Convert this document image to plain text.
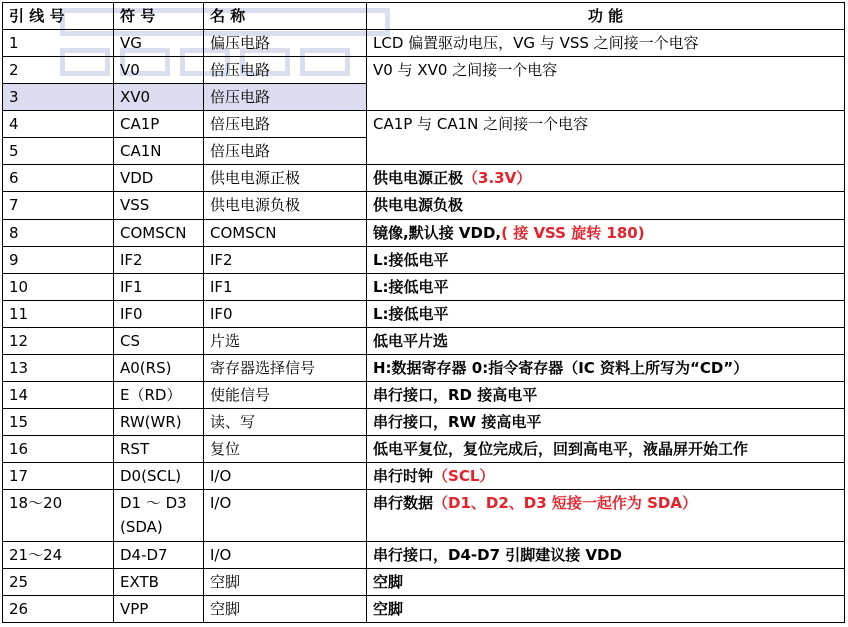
引 线 号	符 号	名 称	功 能
1	VG	偏压电路	LCD 偏置驱动电压，VG 与 VSS 之间接一个电容
2	V0	倍压电路	V0 与 XV0 之间接一个电容
3	XV0	倍压电路	
4	CA1P	倍压电路	CA1P 与 CA1N 之间接一个电容
5	CA1N	倍压电路	
6	VDD	供电电源正极	供电电源正极（3.3V）
7	VSS	供电电源负极	供电电源负极
8	COMSCN	COMSCN	镜像,默认接 VDD,( 接 VSS 旋转 180)
9	IF2	IF2	L:接低电平
10	IF1	IF1	L:接低电平
11	IF0	IF0	L:接低电平
12	CS	片选	低电平片选
13	A0(RS)	寄存器选择信号	H:数据寄存器 0:指令寄存器（IC 资料上所写为“CD”）
14	E（RD）	使能信号	串行接口，RD 接高电平
15	RW(WR)	读、写	串行接口，RW 接高电平
16	RST	复位	低电平复位，复位完成后，回到高电平，液晶屏开始工作
17	D0(SCL)	I/O	串行时钟（SCL）
18～20	D1 ～ D3 (SDA)	I/O	串行数据（D1、D2、D3 短接一起作为 SDA）
21～24	D4-D7	I/O	串行接口，D4-D7 引脚建议接 VDD
25	EXTB	空脚	空脚
26	VPP	空脚	空脚
